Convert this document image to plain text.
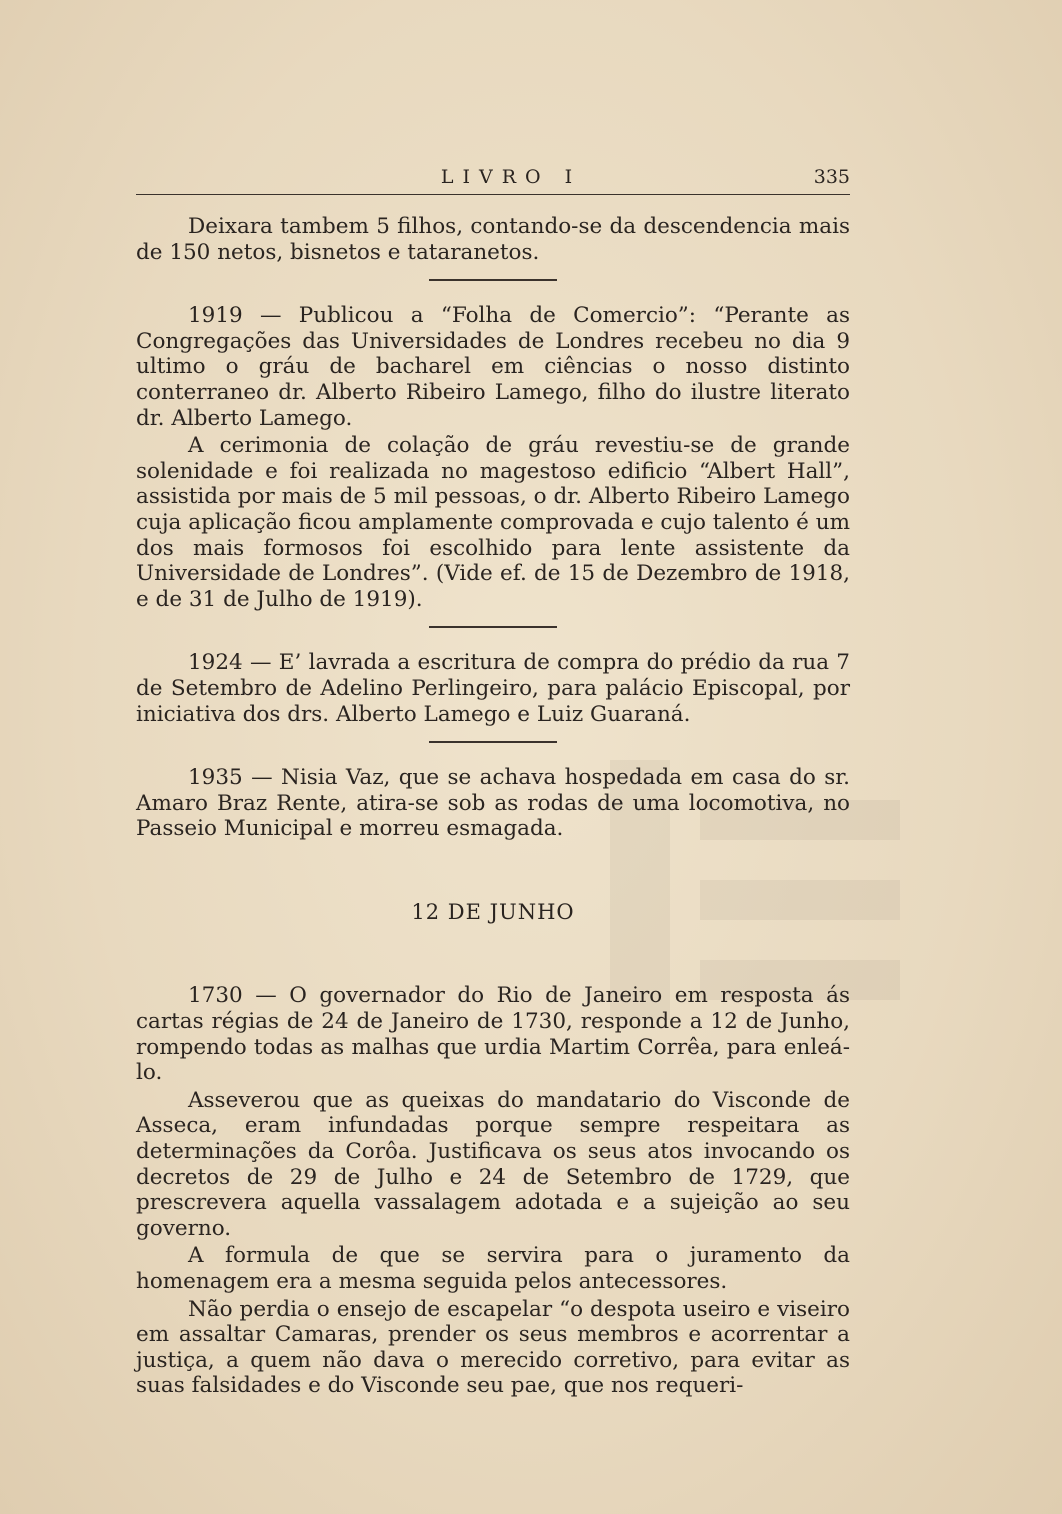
LIVRO I	335

Deixara tambem 5 filhos, contando-se da descendencia mais de 150 netos, bisnetos e tataranetos.

1919 — Publicou a “Folha de Comercio”: “Perante as Congregações das Universidades de Londres recebeu no dia 9 ultimo o gráu de bacharel em ciências o nosso distinto conterraneo dr. Alberto Ribeiro Lamego, filho do ilustre literato dr. Alberto Lamego.

A cerimonia de colação de gráu revestiu-se de grande solenidade e foi realizada no magestoso edificio “Albert Hall”, assistida por mais de 5 mil pessoas, o dr. Alberto Ribeiro Lamego cuja aplicação ficou amplamente comprovada e cujo talento é um dos mais formosos foi escolhido para lente assistente da Universidade de Londres”. (Vide ef. de 15 de Dezembro de 1918, e de 31 de Julho de 1919).

1924 — E’ lavrada a escritura de compra do prédio da rua 7 de Setembro de Adelino Perlingeiro, para palácio Episcopal, por iniciativa dos drs. Alberto Lamego e Luiz Guaraná.

1935 — Nisia Vaz, que se achava hospedada em casa do sr. Amaro Braz Rente, atira-se sob as rodas de uma locomotiva, no Passeio Municipal e morreu esmagada.

12 DE JUNHO

1730 — O governador do Rio de Janeiro em resposta ás cartas régias de 24 de Janeiro de 1730, responde a 12 de Junho, rompendo todas as malhas que urdia Martim Corrêa, para enleá-lo.

Asseverou que as queixas do mandatario do Visconde de Asseca, eram infundadas porque sempre respeitara as determinações da Corôa. Justificava os seus atos invocando os decretos de 29 de Julho e 24 de Setembro de 1729, que prescrevera aquella vassalagem adotada e a sujeição ao seu governo.

A formula de que se servira para o juramento da homenagem era a mesma seguida pelos antecessores.

Não perdia o ensejo de escapelar “o despota useiro e viseiro em assaltar Camaras, prender os seus membros e acorrentar a justiça, a quem não dava o merecido corretivo, para evitar as suas falsidades e do Visconde seu pae, que nos requeri-
